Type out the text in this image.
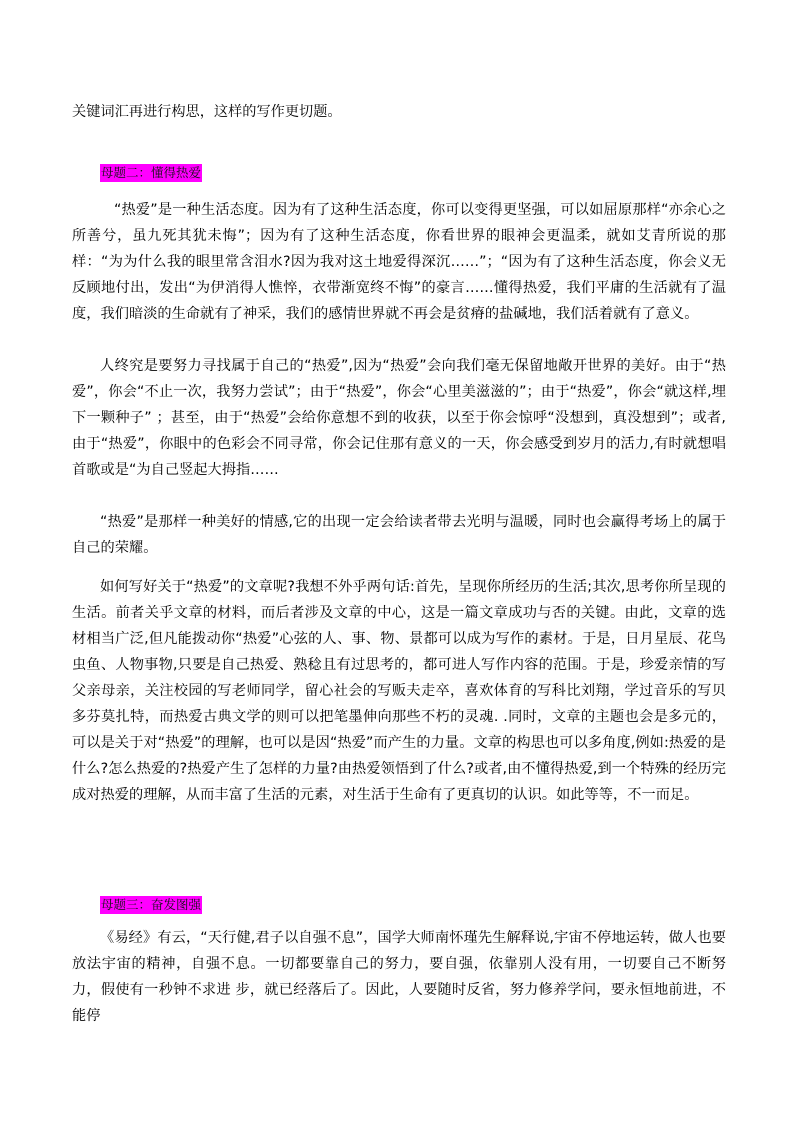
关键词汇再进行构思，这样的写作更切题。
母题二：懂得热爱

“热爱”是一种生活态度。因为有了这种生活态度，你可以变得更坚强，可以如屈原那样“亦余心之所善兮，虽九死其犹未悔”；因为有了这种生活态度，你看世界的眼神会更温柔，就如艾青所说的那样：“为为什么我的眼里常含泪水?因为我对这土地爱得深沉……”；“因为有了这种生活态度，你会义无反顾地付出，发出“为伊消得人憔悴，衣带渐宽终不悔”的豪言……懂得热爱，我们平庸的生活就有了温度，我们暗淡的生命就有了神采，我们的感情世界就不再会是贫瘠的盐碱地，我们活着就有了意义。

人终究是要努力寻找属于自己的“热爱”,因为“热爱”会向我们毫无保留地敞开世界的美好。由于“热爱”，你会“不止一次，我努力尝试”；由于“热爱”，你会“心里美滋滋的”；由于“热爱”，你会“就这样,埋下一颗种子” ；甚至，由于“热爱”会给你意想不到的收获，以至于你会惊呼“没想到，真没想到”；或者,由于“热爱”，你眼中的色彩会不同寻常，你会记住那有意义的一天，你会感受到岁月的活力,有时就想唱首歌或是“为自己竖起大拇指……

“热爱”是那样一种美好的情感,它的出现一定会给读者带去光明与温暖，同时也会赢得考场上的属于自己的荣耀。

如何写好关于“热爱”的文章呢?我想不外乎两句话:首先，呈现你所经历的生活;其次,思考你所呈现的生活。前者关乎文章的材料，而后者涉及文章的中心，这是一篇文章成功与否的关键。由此，文章的选材相当广泛,但凡能拨动你“热爱”心弦的人、事、物、景都可以成为写作的素材。于是，日月星辰、花鸟虫鱼、人物事物,只要是自己热爱、熟稔且有过思考的，都可进人写作内容的范围。于是，珍爱亲情的写父亲母亲，关注校园的写老师同学，留心社会的写贩夫走卒，喜欢体育的写科比刘翔，学过音乐的写贝多芬莫扎特，而热爱古典文学的则可以把笔墨伸向那些不朽的灵魂. .同时，文章的主题也会是多元的，可以是关于对“热爱”的理解，也可以是因“热爱”而产生的力量。文章的构思也可以多角度,例如:热爱的是什么?怎么热爱的?热爱产生了怎样的力量?由热爱领悟到了什么?或者,由不懂得热爱,到一个特殊的经历完成对热爱的理解，从而丰富了生活的元素，对生活于生命有了更真切的认识。如此等等，不一而足。

母题三：奋发图强

《易经》有云，“天行健,君子以自强不息”，国学大师南怀瑾先生解释说,宇宙不停地运转，做人也要放法宇宙的精神，自强不息。一切都要靠自己的努力，要自强，依靠别人没有用，一切要自己不断努力，假使有一秒钟不求进 步，就已经落后了。因此，人要随时反省，努力修养学问，要永恒地前进，不能停
